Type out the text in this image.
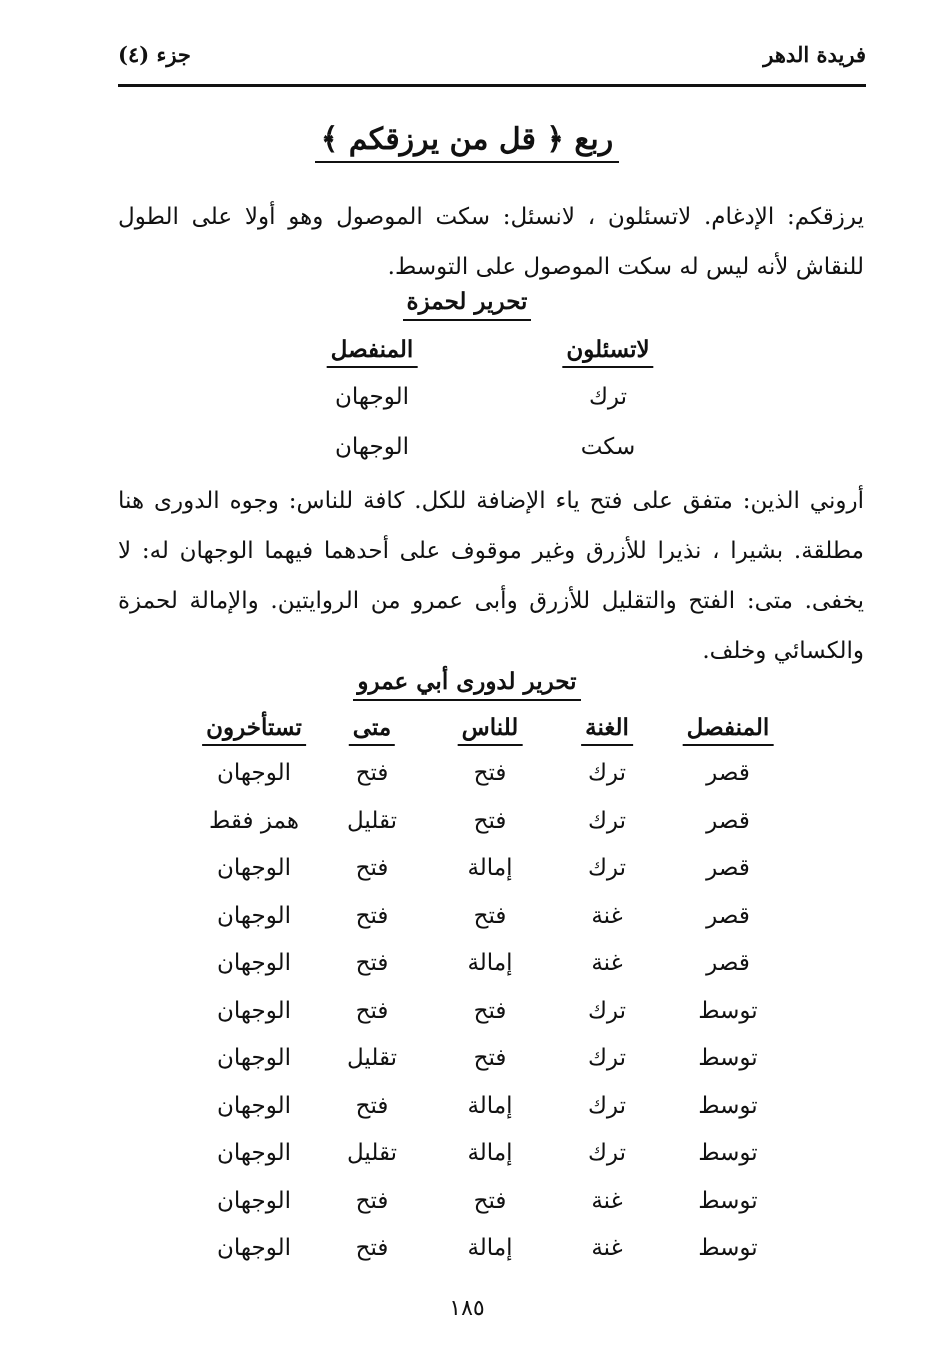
فريدة الدهر
جزء (٤)
ربع ﴿ قل من يرزقكم ﴾
يرزقكم: الإدغام. لاتسئلون ، لانسئل: سكت الموصول وهو أولا على الطول للنقاش لأنه ليس له سكت الموصول على التوسط.
تحرير لحمزة
لاتسئلون
المنفصل
ترك
الوجهان
سكت
الوجهان
أروني الذين: متفق على فتح ياء الإضافة للكل. كافة للناس: وجوه الدورى هنا مطلقة. بشيرا ، نذيرا للأزرق وغير موقوف على أحدهما فيهما الوجهان له: لا يخفى. متى: الفتح والتقليل للأزرق وأبى عمرو من الروايتين. والإمالة لحمزة والكسائي وخلف.
تحرير لدورى أبي عمرو
المنفصل
الغنة
للناس
متى
تستأخرون
قصر
ترك
فتح
فتح
الوجهان
قصر
ترك
فتح
تقليل
همز فقط
قصر
ترك
إمالة
فتح
الوجهان
قصر
غنة
فتح
فتح
الوجهان
قصر
غنة
إمالة
فتح
الوجهان
توسط
ترك
فتح
فتح
الوجهان
توسط
ترك
فتح
تقليل
الوجهان
توسط
ترك
إمالة
فتح
الوجهان
توسط
ترك
إمالة
تقليل
الوجهان
توسط
غنة
فتح
فتح
الوجهان
توسط
غنة
إمالة
فتح
الوجهان
١٨٥
